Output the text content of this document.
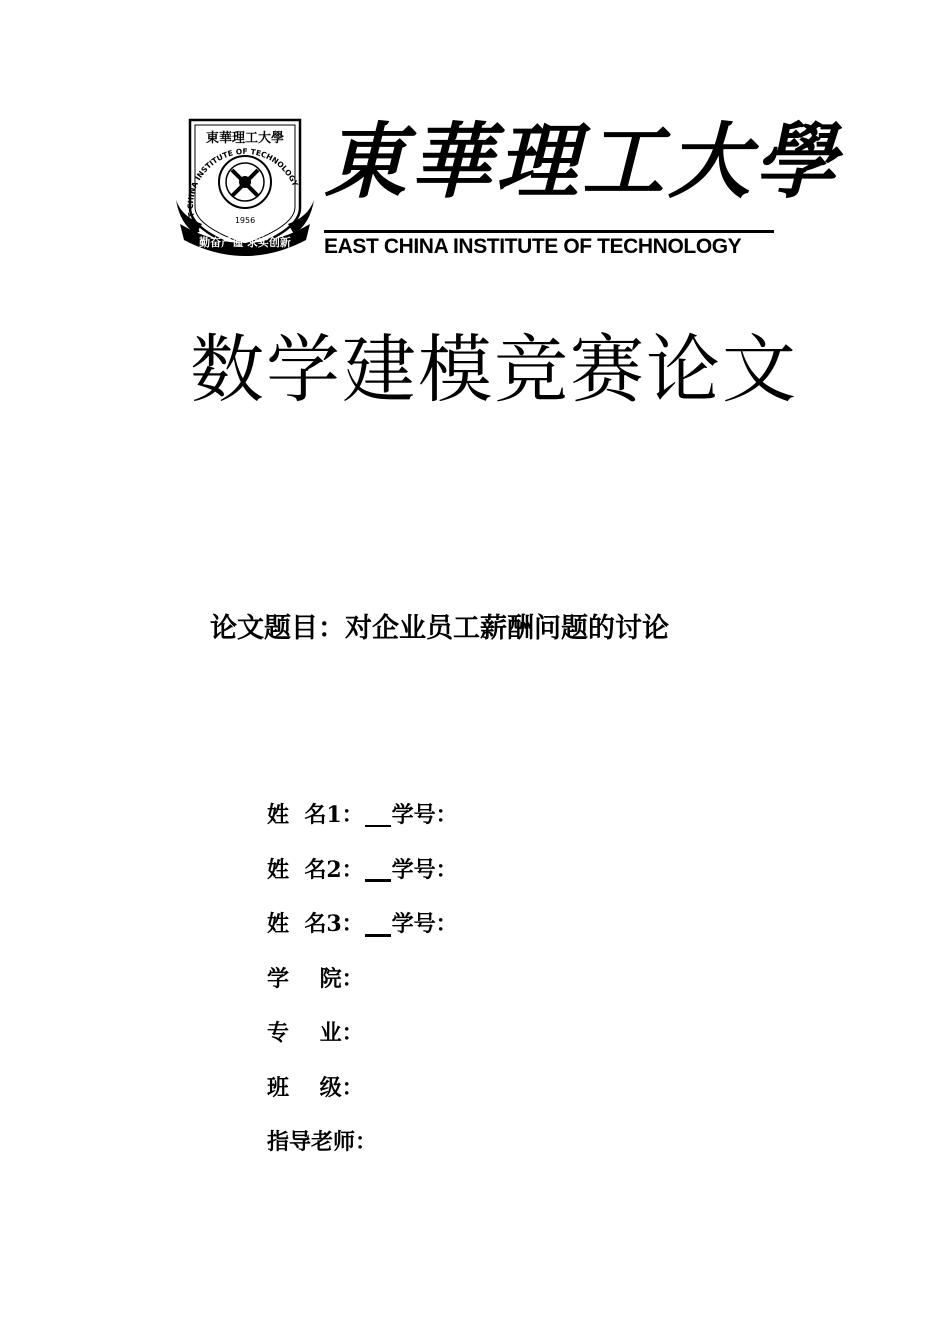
EAST CHINA INSTITUTE OF TECHNOLOGY
東華理工大學
1956
勤奋严谨 求实创新
東華理工大學
EAST CHINA INSTITUTE OF TECHNOLOGY
数学建模竞赛论文
论文题目：对企业员工薪酬问题的讨论
姓  名1： 学号：
姓  名2： 学号：
姓  名3： 学号：
学    院：
专    业：
班    级：
指导老师：
